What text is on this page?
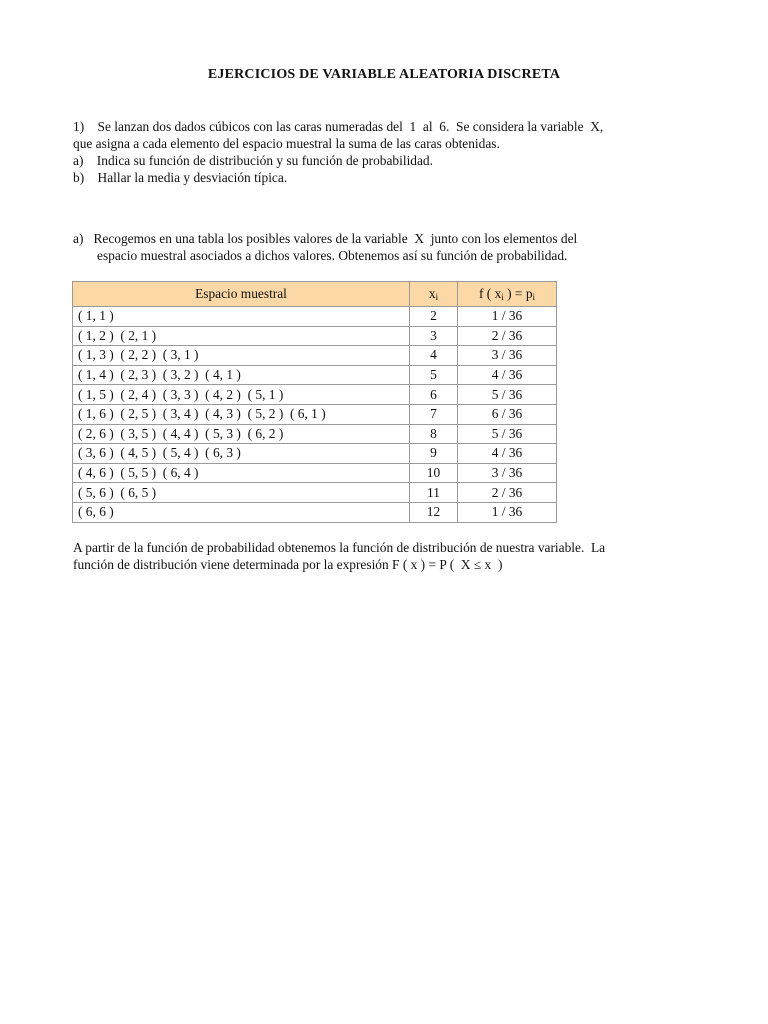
EJERCICIOS DE VARIABLE ALEATORIA DISCRETA
1)    Se lanzan dos dados cúbicos con las caras numeradas del  1  al  6.  Se considera la variable  X,
que asigna a cada elemento del espacio muestral la suma de las caras obtenidas.
a)    Indica su función de distribución y su función de probabilidad.
b)    Hallar la media y desviación típica.
a)   Recogemos en una tabla los posibles valores de la variable  X  junto con los elementos del
espacio muestral asociados a dichos valores. Obtenemos así su función de probabilidad.
Espacio muestral	$x_i$	f ( $x_i$ ) = $p_i$
( 1, 1 )	2	1 / 36
( 1, 2 )  ( 2, 1 )	3	2 / 36
( 1, 3 )  ( 2, 2 )  ( 3, 1 )	4	3 / 36
( 1, 4 )  ( 2, 3 )  ( 3, 2 )  ( 4, 1 )	5	4 / 36
( 1, 5 )  ( 2, 4 )  ( 3, 3 )  ( 4, 2 )  ( 5, 1 )	6	5 / 36
( 1, 6 )  ( 2, 5 )  ( 3, 4 )  ( 4, 3 )  ( 5, 2 )  ( 6, 1 )	7	6 / 36
( 2, 6 )  ( 3, 5 )  ( 4, 4 )  ( 5, 3 )  ( 6, 2 )	8	5 / 36
( 3, 6 )  ( 4, 5 )  ( 5, 4 )  ( 6, 3 )	9	4 / 36
( 4, 6 )  ( 5, 5 )  ( 6, 4 )	10	3 / 36
( 5, 6 )  ( 6, 5 )	11	2 / 36
( 6, 6 )	12	1 / 36
A partir de la función de probabilidad obtenemos la función de distribución de nuestra variable.  La
función de distribución viene determinada por la expresión F ( x ) = P (  X ≤ x  )
